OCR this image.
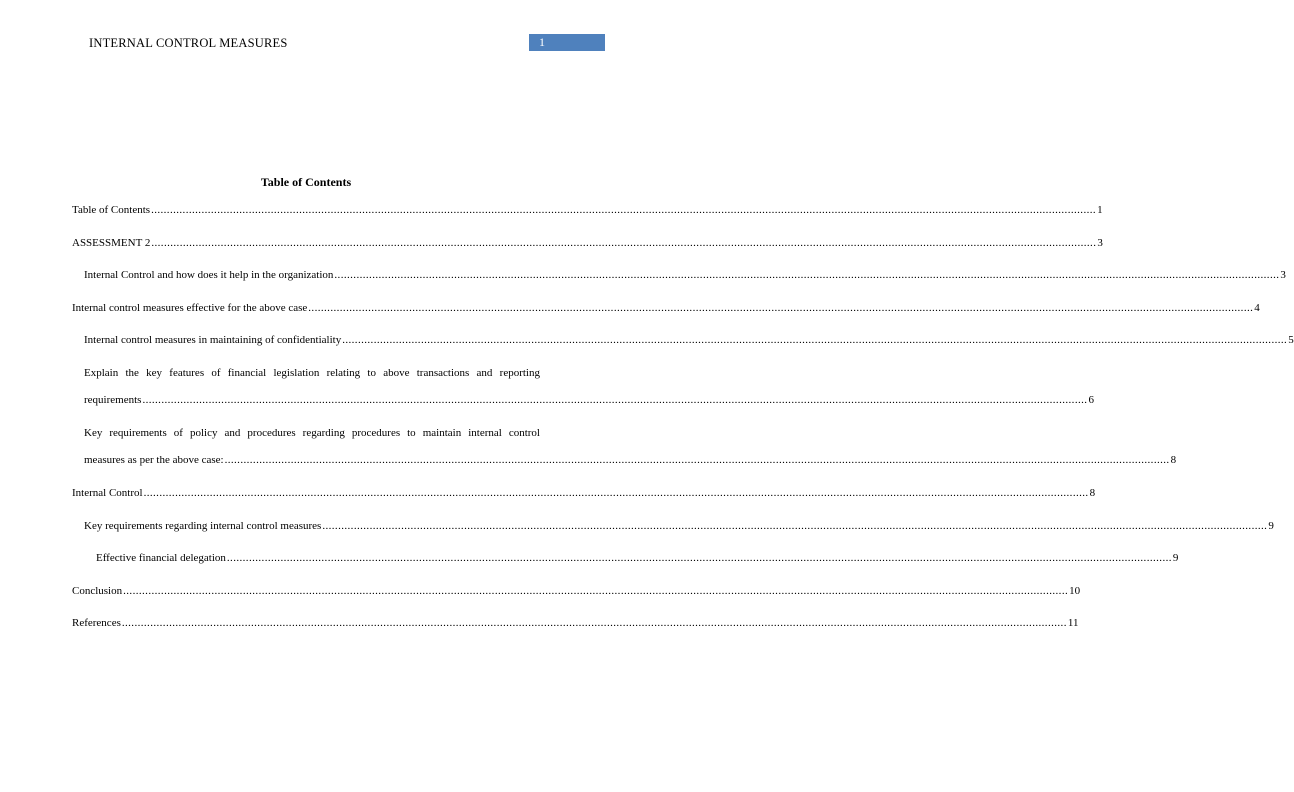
INTERNAL CONTROL MEASURES	1
Table of Contents
Table of Contents ............................................................................................................................................................................................................................................................................................................ 1
ASSESSMENT 2 ............................................................................................................................................................................................................................................................................................................ 3
Internal Control and how does it help in the organization ............................................................................................................................................................................................................................................................................................................ 3
Internal control measures effective for the above case ............................................................................................................................................................................................................................................................................................................ 4
Internal control measures in maintaining of confidentiality ............................................................................................................................................................................................................................................................................................................ 5
Explain the key features of financial legislation relating to above transactions and reporting
requirements ............................................................................................................................................................................................................................................................................................................ 6
Key requirements of policy and procedures regarding procedures to maintain internal control
measures as per the above case: ............................................................................................................................................................................................................................................................................................................ 8
Internal Control ............................................................................................................................................................................................................................................................................................................ 8
Key requirements regarding internal control measures ............................................................................................................................................................................................................................................................................................................ 9
Effective financial delegation ............................................................................................................................................................................................................................................................................................................ 9
Conclusion ............................................................................................................................................................................................................................................................................................................ 10
References ............................................................................................................................................................................................................................................................................................................ 11
